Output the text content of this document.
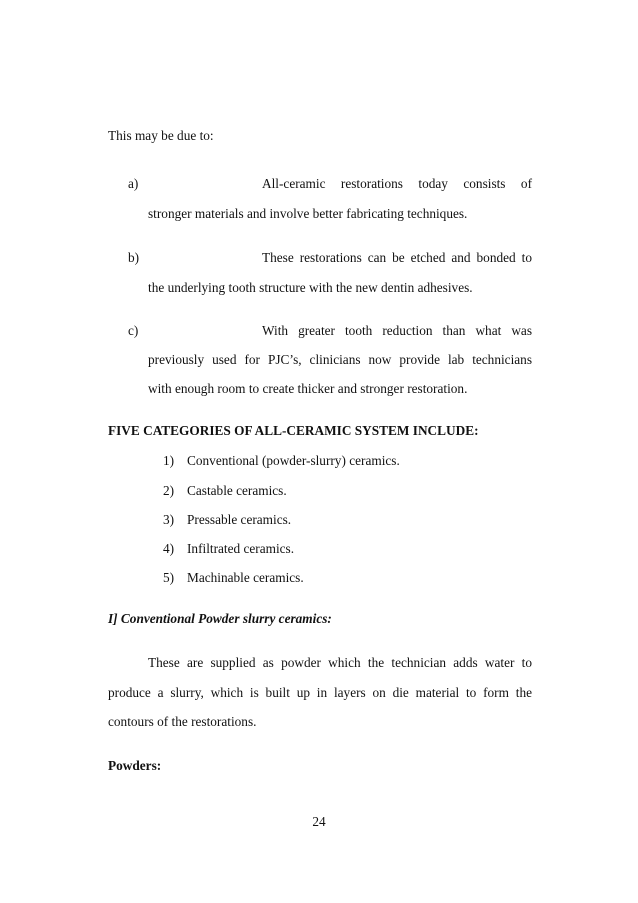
This may be due to:
a)	All-ceramic restorations today consists of
stronger materials and involve better fabricating techniques.
b)	These restorations can be etched and bonded to
the underlying tooth structure with the new dentin adhesives.
c)	With greater tooth reduction than what was
previously used for PJC’s, clinicians now provide lab technicians
with enough room to create thicker and stronger restoration.
FIVE CATEGORIES OF ALL-CERAMIC SYSTEM INCLUDE:
1) Conventional (powder-slurry) ceramics.
2) Castable ceramics.
3) Pressable ceramics.
4) Infiltrated ceramics.
5) Machinable ceramics.
I] Conventional Powder slurry ceramics:
These are supplied as powder which the technician adds water to
produce a slurry, which is built up in layers on die material to form the
contours of the restorations.
Powders:
24
